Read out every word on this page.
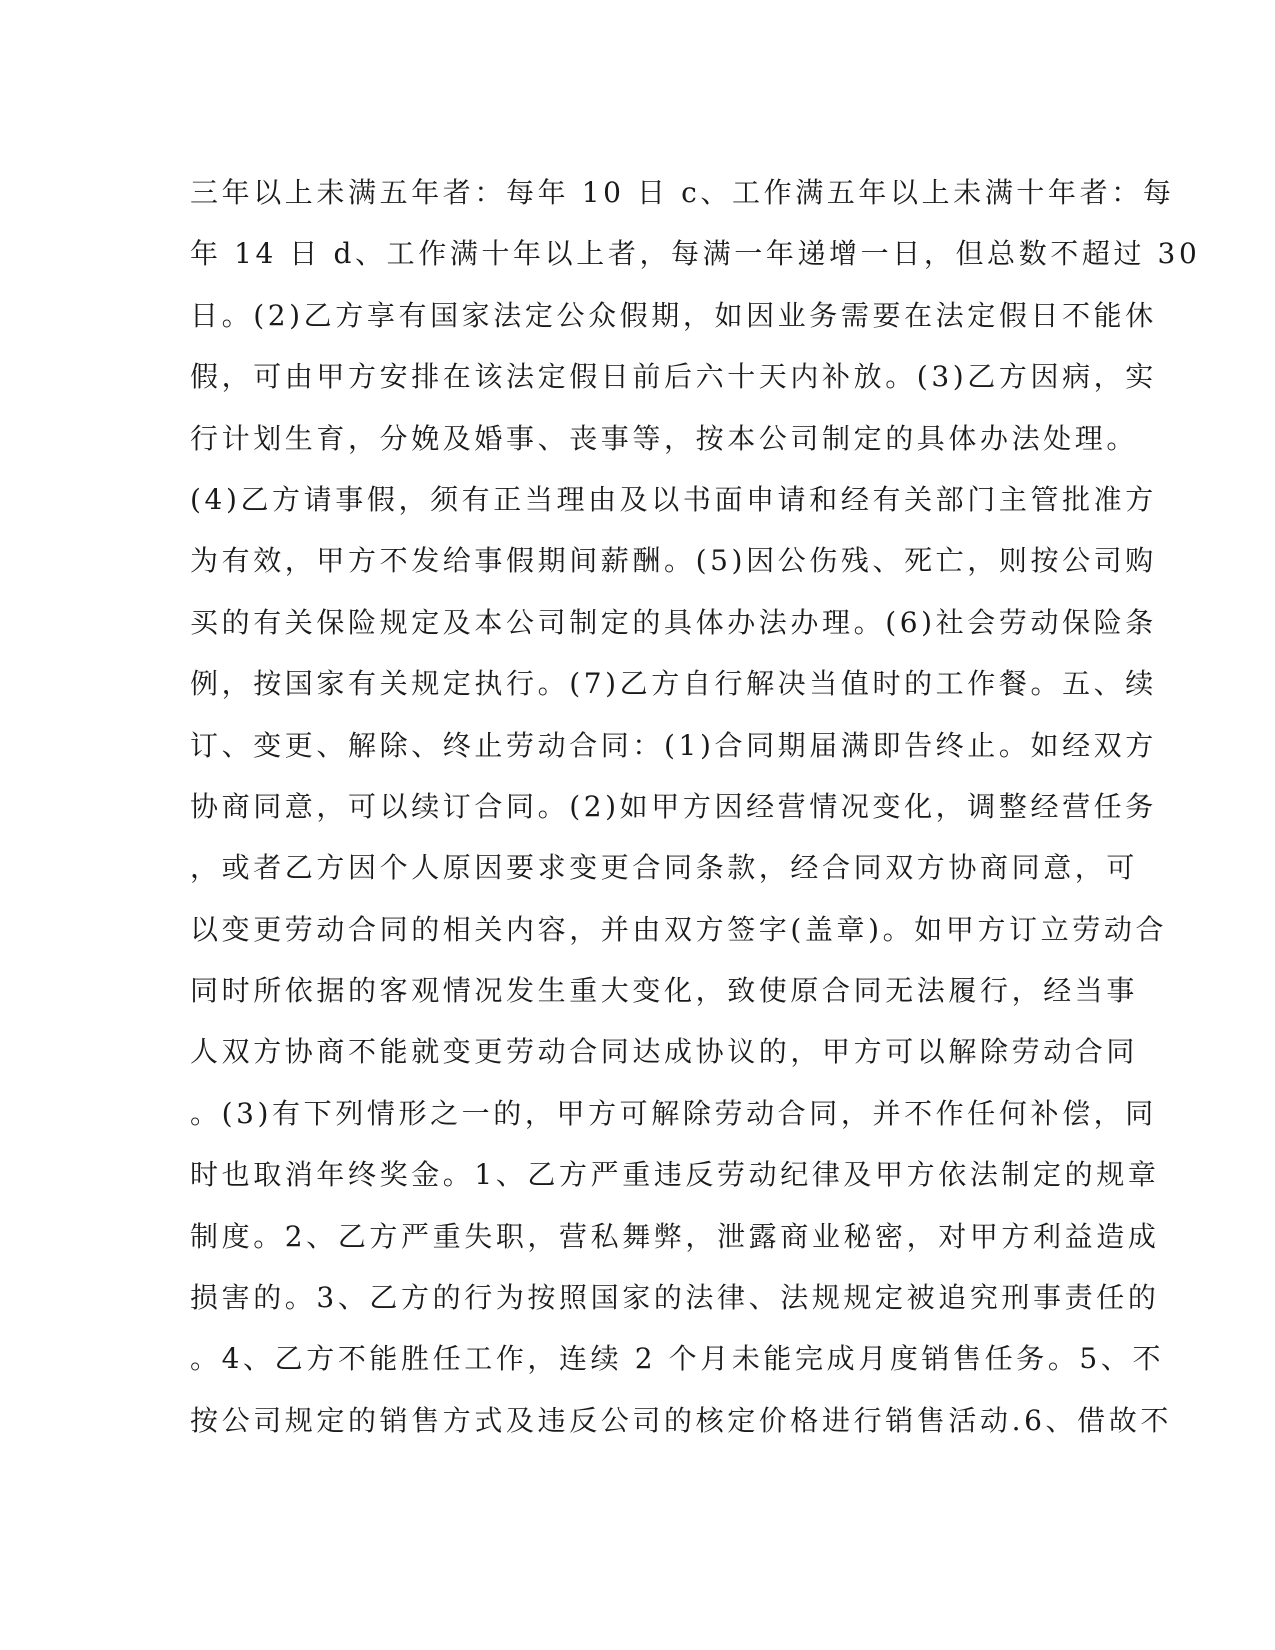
三年以上未满五年者：每年 10 日 c、工作满五年以上未满十年者：每
年 14 日 d、工作满十年以上者，每满一年递增一日，但总数不超过 30
日。(2)乙方享有国家法定公众假期，如因业务需要在法定假日不能休
假，可由甲方安排在该法定假日前后六十天内补放。(3)乙方因病，实
行计划生育，分娩及婚事、丧事等，按本公司制定的具体办法处理。
(4)乙方请事假，须有正当理由及以书面申请和经有关部门主管批准方
为有效，甲方不发给事假期间薪酬。(5)因公伤残、死亡，则按公司购
买的有关保险规定及本公司制定的具体办法办理。(6)社会劳动保险条
例，按国家有关规定执行。(7)乙方自行解决当值时的工作餐。五、续
订、变更、解除、终止劳动合同：(1)合同期届满即告终止。如经双方
协商同意，可以续订合同。(2)如甲方因经营情况变化，调整经营任务
，或者乙方因个人原因要求变更合同条款，经合同双方协商同意，可
以变更劳动合同的相关内容，并由双方签字(盖章)。如甲方订立劳动合
同时所依据的客观情况发生重大变化，致使原合同无法履行，经当事
人双方协商不能就变更劳动合同达成协议的，甲方可以解除劳动合同
。(3)有下列情形之一的，甲方可解除劳动合同，并不作任何补偿，同
时也取消年终奖金。1、乙方严重违反劳动纪律及甲方依法制定的规章
制度。2、乙方严重失职，营私舞弊，泄露商业秘密，对甲方利益造成
损害的。3、乙方的行为按照国家的法律、法规规定被追究刑事责任的
。4、乙方不能胜任工作，连续 2 个月未能完成月度销售任务。5、不
按公司规定的销售方式及违反公司的核定价格进行销售活动.6、借故不
